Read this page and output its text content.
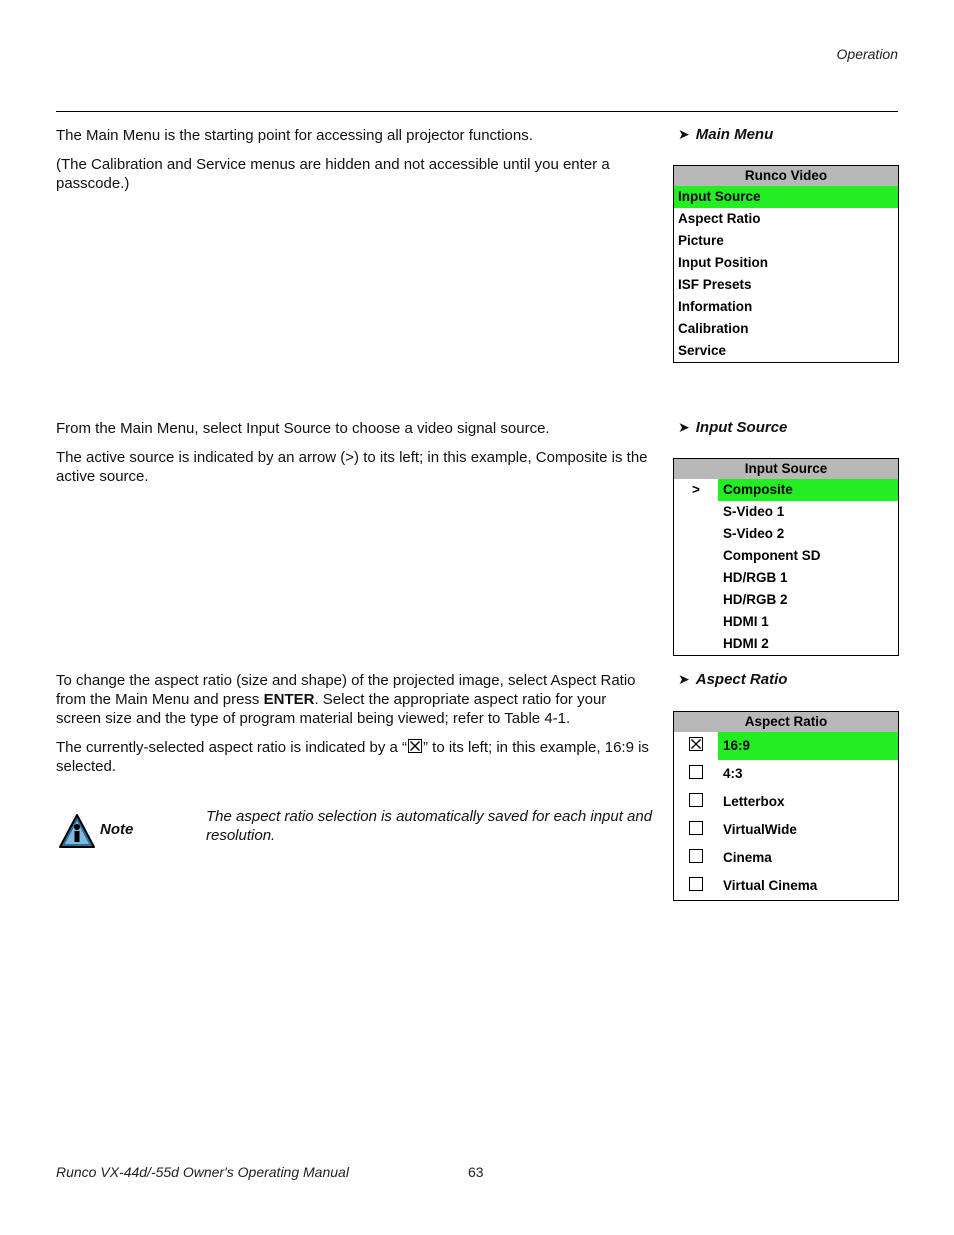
Operation
The Main Menu is the starting point for accessing all projector functions.
(The Calibration and Service menus are hidden and not accessible until you enter a passcode.)
➤ Main Menu
Runco Video
Input Source
Aspect Ratio
Picture
Input Position
ISF Presets
Information
Calibration
Service
From the Main Menu, select Input Source to choose a video signal source.
The active source is indicated by an arrow (>) to its left; in this example, Composite is the active source.
➤ Input Source
Input Source
>	Composite
S-Video 1
S-Video 2
Component SD
HD/RGB 1
HD/RGB 2
HDMI 1
HDMI 2
To change the aspect ratio (size and shape) of the projected image, select Aspect Ratio from the Main Menu and press ENTER. Select the appropriate aspect ratio for your screen size and the type of program material being viewed; refer to Table 4-1.
The currently-selected aspect ratio is indicated by a “ ” to its left; in this example, 16:9 is selected.
➤ Aspect Ratio
Aspect Ratio
16:9
4:3
Letterbox
VirtualWide
Cinema
Virtual Cinema
Note
The aspect ratio selection is automatically saved for each input and resolution.
Runco VX-44d/-55d Owner's Operating Manual	63
